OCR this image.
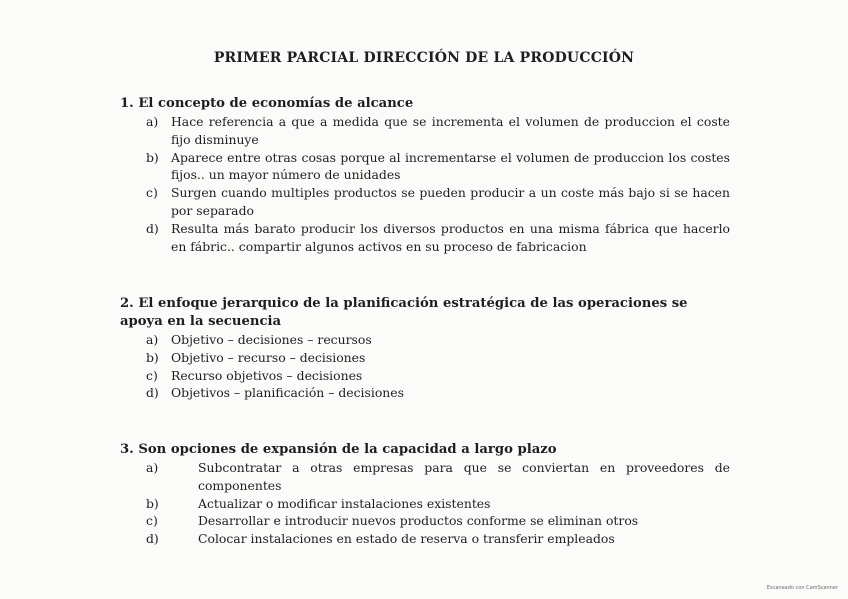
PRIMER PARCIAL DIRECCIÓN DE LA PRODUCCIÓN
1. El concepto de economías de alcance
a) Hace referencia a que a medida que se incrementa el volumen de produccion el coste fijo disminuye
b) Aparece entre otras cosas porque al incrementarse el volumen de produccion los costes fijos.. un mayor número de unidades
c) Surgen cuando multiples productos se pueden producir a un coste más bajo si se hacen por separado
d) Resulta más barato producir los diversos productos en una misma fábrica que hacerlo en fábric.. compartir algunos activos en su proceso de fabricacion
2. El enfoque jerarquico de la planificación estratégica de las operaciones se apoya en la secuencia
a) Objetivo – decisiones – recursos
b) Objetivo – recurso – decisiones
c) Recurso objetivos – decisiones
d) Objetivos – planificación – decisiones
3. Son opciones de expansión de la capacidad a largo plazo
a)	Subcontratar a otras empresas para que se conviertan en proveedores de componentes
b)	Actualizar o modificar instalaciones existentes
c)	Desarrollar e introducir nuevos productos conforme se eliminan otros
d)	Colocar instalaciones en estado de reserva o transferir empleados
Escaneado con CamScanner
